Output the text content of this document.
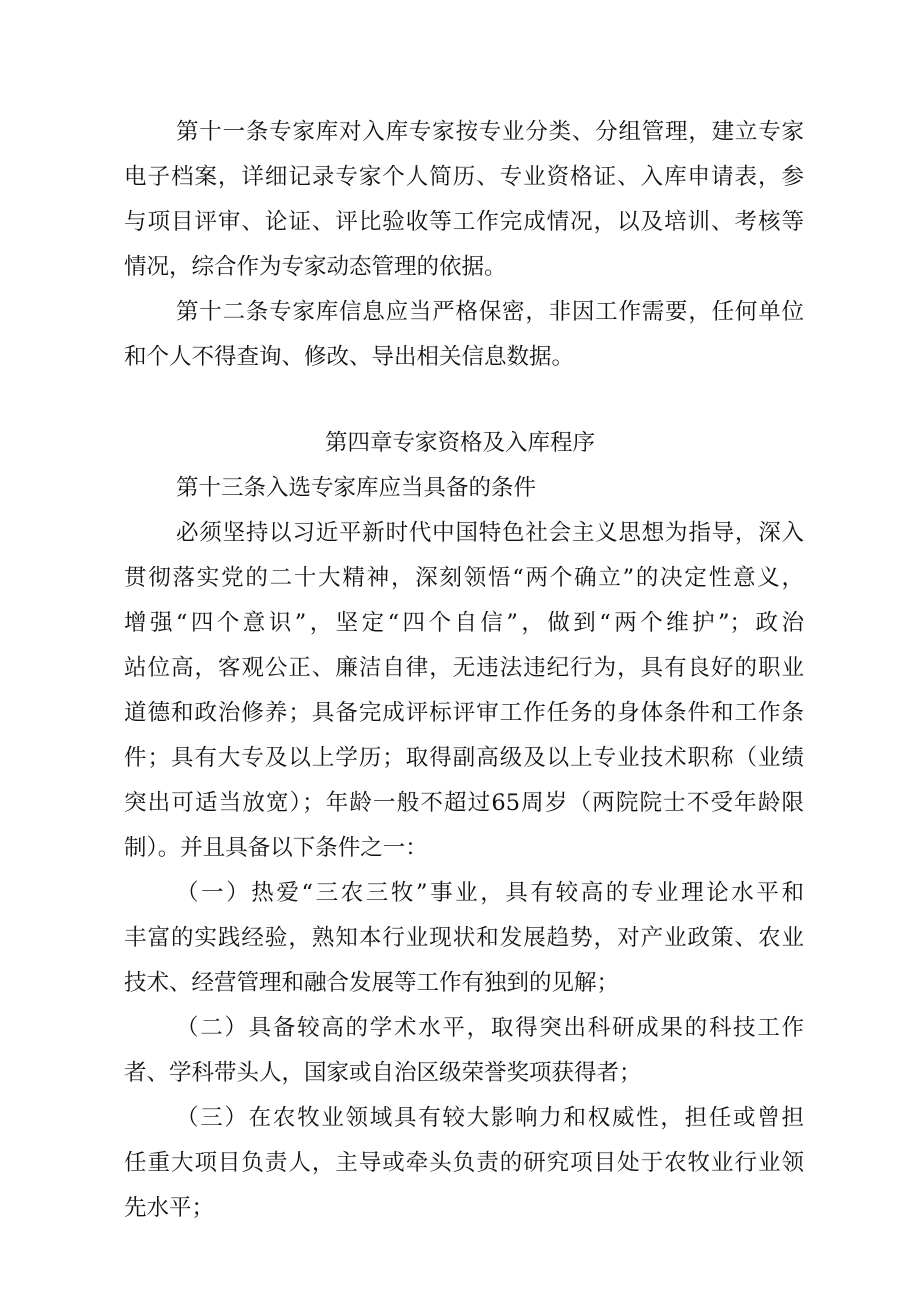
第十一条专家库对入库专家按专业分类、分组管理，建立专家
电子档案，详细记录专家个人简历、专业资格证、入库申请表，参
与项目评审、论证、评比验收等工作完成情况，以及培训、考核等
情况，综合作为专家动态管理的依据。
第十二条专家库信息应当严格保密，非因工作需要，任何单位
和个人不得查询、修改、导出相关信息数据。
第四章专家资格及入库程序
第十三条入选专家库应当具备的条件
必须坚持以习近平新时代中国特色社会主义思想为指导，深入
贯彻落实党的二十大精神，深刻领悟“两个确立”的决定性意义，
增强“四个意识”，坚定“四个自信”，做到“两个维护”；政治
站位高，客观公正、廉洁自律，无违法违纪行为，具有良好的职业
道德和政治修养；具备完成评标评审工作任务的身体条件和工作条
件；具有大专及以上学历；取得副高级及以上专业技术职称（业绩
突出可适当放宽）；年龄一般不超过65周岁（两院院士不受年龄限
制）。并且具备以下条件之一：
（一）热爱“三农三牧”事业，具有较高的专业理论水平和
丰富的实践经验，熟知本行业现状和发展趋势，对产业政策、农业
技术、经营管理和融合发展等工作有独到的见解；
（二）具备较高的学术水平，取得突出科研成果的科技工作
者、学科带头人，国家或自治区级荣誉奖项获得者；
（三）在农牧业领域具有较大影响力和权威性，担任或曾担
任重大项目负责人，主导或牵头负责的研究项目处于农牧业行业领
先水平；
